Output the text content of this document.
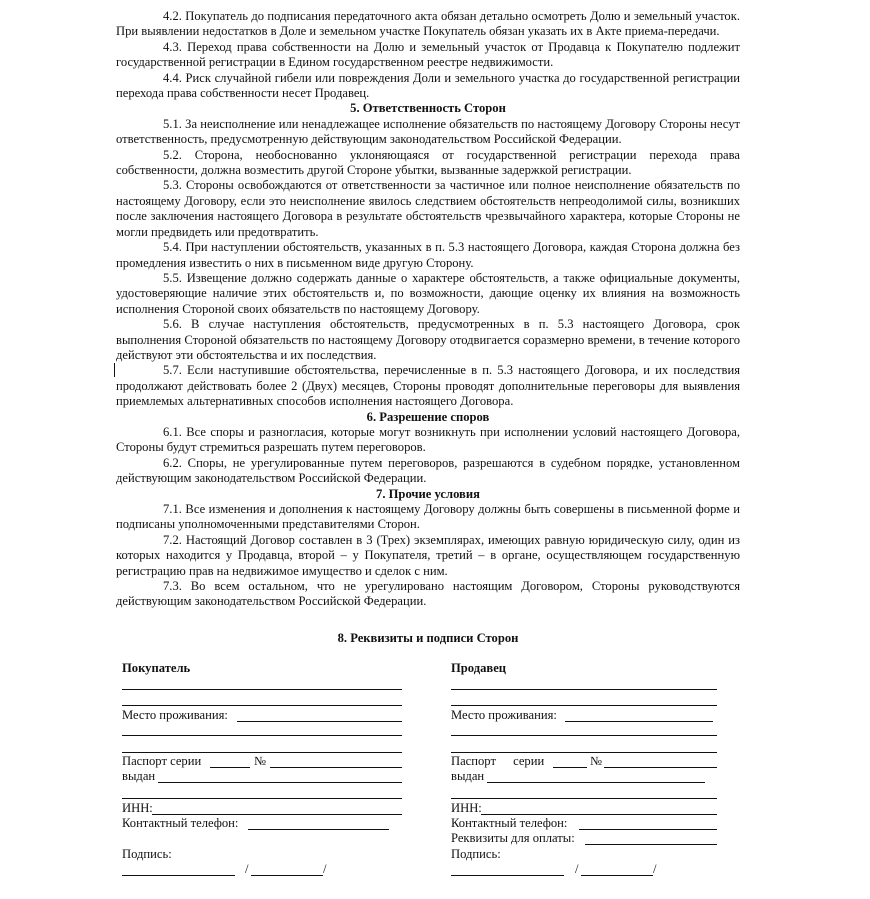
4.2. Покупатель до подписания передаточного акта обязан детально осмотреть Долю и земельный участок. При выявлении недостатков в Доле и земельном участке Покупатель обязан указать их в Акте приема-передачи.

4.3. Переход права собственности на Долю и земельный участок от Продавца к Покупателю подлежит государственной регистрации в Едином государственном реестре недвижимости.

4.4. Риск случайной гибели или повреждения Доли и земельного участка до государственной регистрации перехода права собственности несет Продавец.

5. Ответственность Сторон

5.1. За неисполнение или ненадлежащее исполнение обязательств по настоящему Договору Стороны несут ответственность, предусмотренную действующим законодательством Российской Федерации.

5.2. Сторона, необоснованно уклоняющаяся от государственной регистрации перехода права собственности, должна возместить другой Стороне убытки, вызванные задержкой регистрации.

5.3. Стороны освобождаются от ответственности за частичное или полное неисполнение обязательств по настоящему Договору, если это неисполнение явилось следствием обстоятельств непреодолимой силы, возникших после заключения настоящего Договора в результате обстоятельств чрезвычайного характера, которые Стороны не могли предвидеть или предотвратить.

5.4. При наступлении обстоятельств, указанных в п. 5.3 настоящего Договора, каждая Сторона должна без промедления известить о них в письменном виде другую Сторону.

5.5. Извещение должно содержать данные о характере обстоятельств, а также официальные документы, удостоверяющие наличие этих обстоятельств и, по возможности, дающие оценку их влияния на возможность исполнения Стороной своих обязательств по настоящему Договору.

5.6. В случае наступления обстоятельств, предусмотренных в п. 5.3 настоящего Договора, срок выполнения Стороной обязательств по настоящему Договору отодвигается соразмерно времени, в течение которого действуют эти обстоятельства и их последствия.

5.7. Если наступившие обстоятельства, перечисленные в п. 5.3 настоящего Договора, и их последствия продолжают действовать более 2 (Двух) месяцев, Стороны проводят дополнительные переговоры для выявления приемлемых альтернативных способов исполнения настоящего Договора.

6. Разрешение споров

6.1. Все споры и разногласия, которые могут возникнуть при исполнении условий настоящего Договора, Стороны будут стремиться разрешать путем переговоров.

6.2. Споры, не урегулированные путем переговоров, разрешаются в судебном порядке, установленном действующим законодательством Российской Федерации.

7. Прочие условия

7.1. Все изменения и дополнения к настоящему Договору должны быть совершены в письменной форме и подписаны уполномоченными представителями Сторон.

7.2. Настоящий Договор составлен в 3 (Трех) экземплярах, имеющих равную юридическую силу, один из которых находится у Продавца, второй – у Покупателя, третий – в органе, осуществляющем государственную регистрацию прав на недвижимое имущество и сделок с ним.

7.3. Во всем остальном, что не урегулировано настоящим Договором, Стороны руководствуются действующим законодательством Российской Федерации.

8. Реквизиты и подписи Сторон
Покупатель
Место проживания:
Паспорт серии	№
выдан
ИНН:
Контактный телефон:
Подпись:
/	/
Продавец
Место проживания:
Паспорт серии	№
выдан
ИНН:
Контактный телефон:
Реквизиты для оплаты:
Подпись:
/	/
